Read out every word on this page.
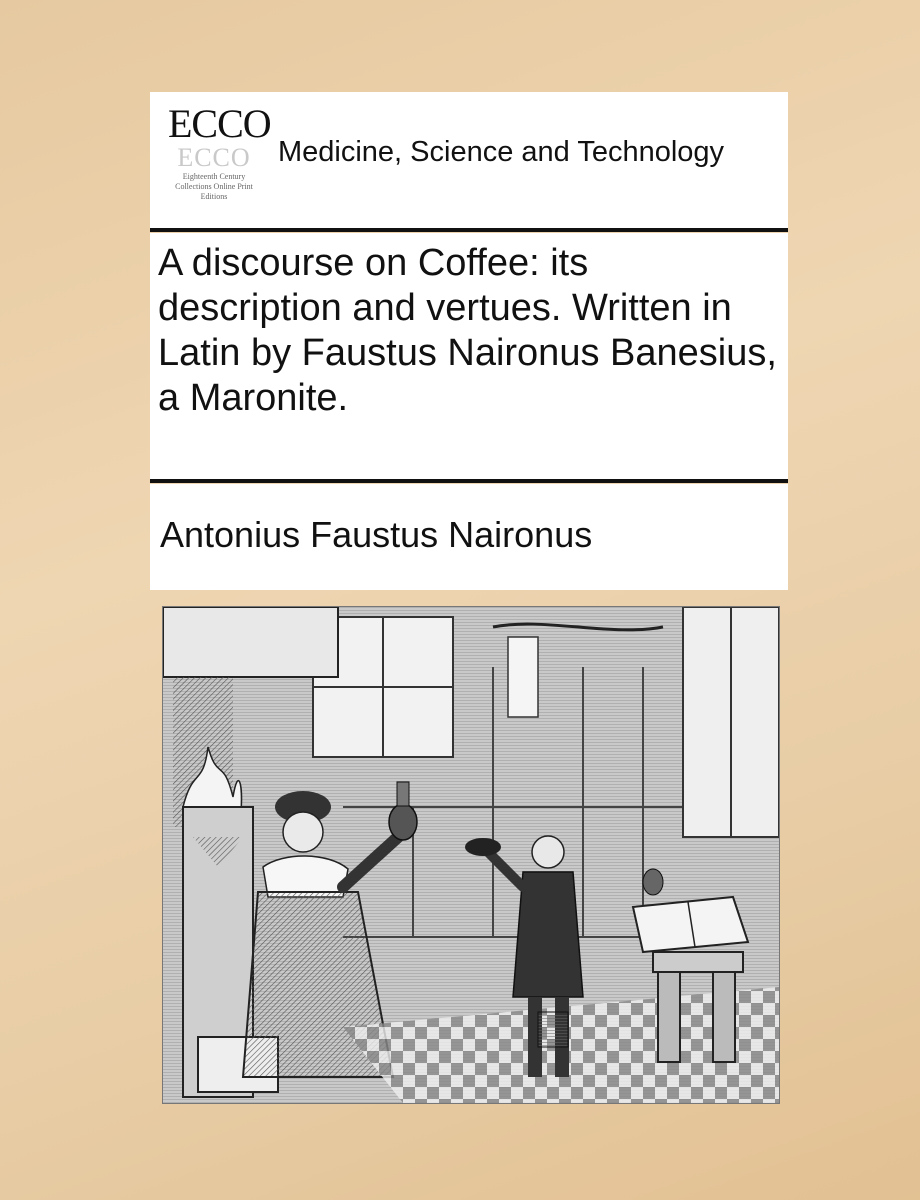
ECCO
ECCO
Eighteenth Century Collections Online Print Editions
Medicine, Science and Technology
A discourse on Coffee: its description and vertues. Written in Latin by Faustus Naironus Banesius, a Maronite.
Antonius Faustus Naironus
